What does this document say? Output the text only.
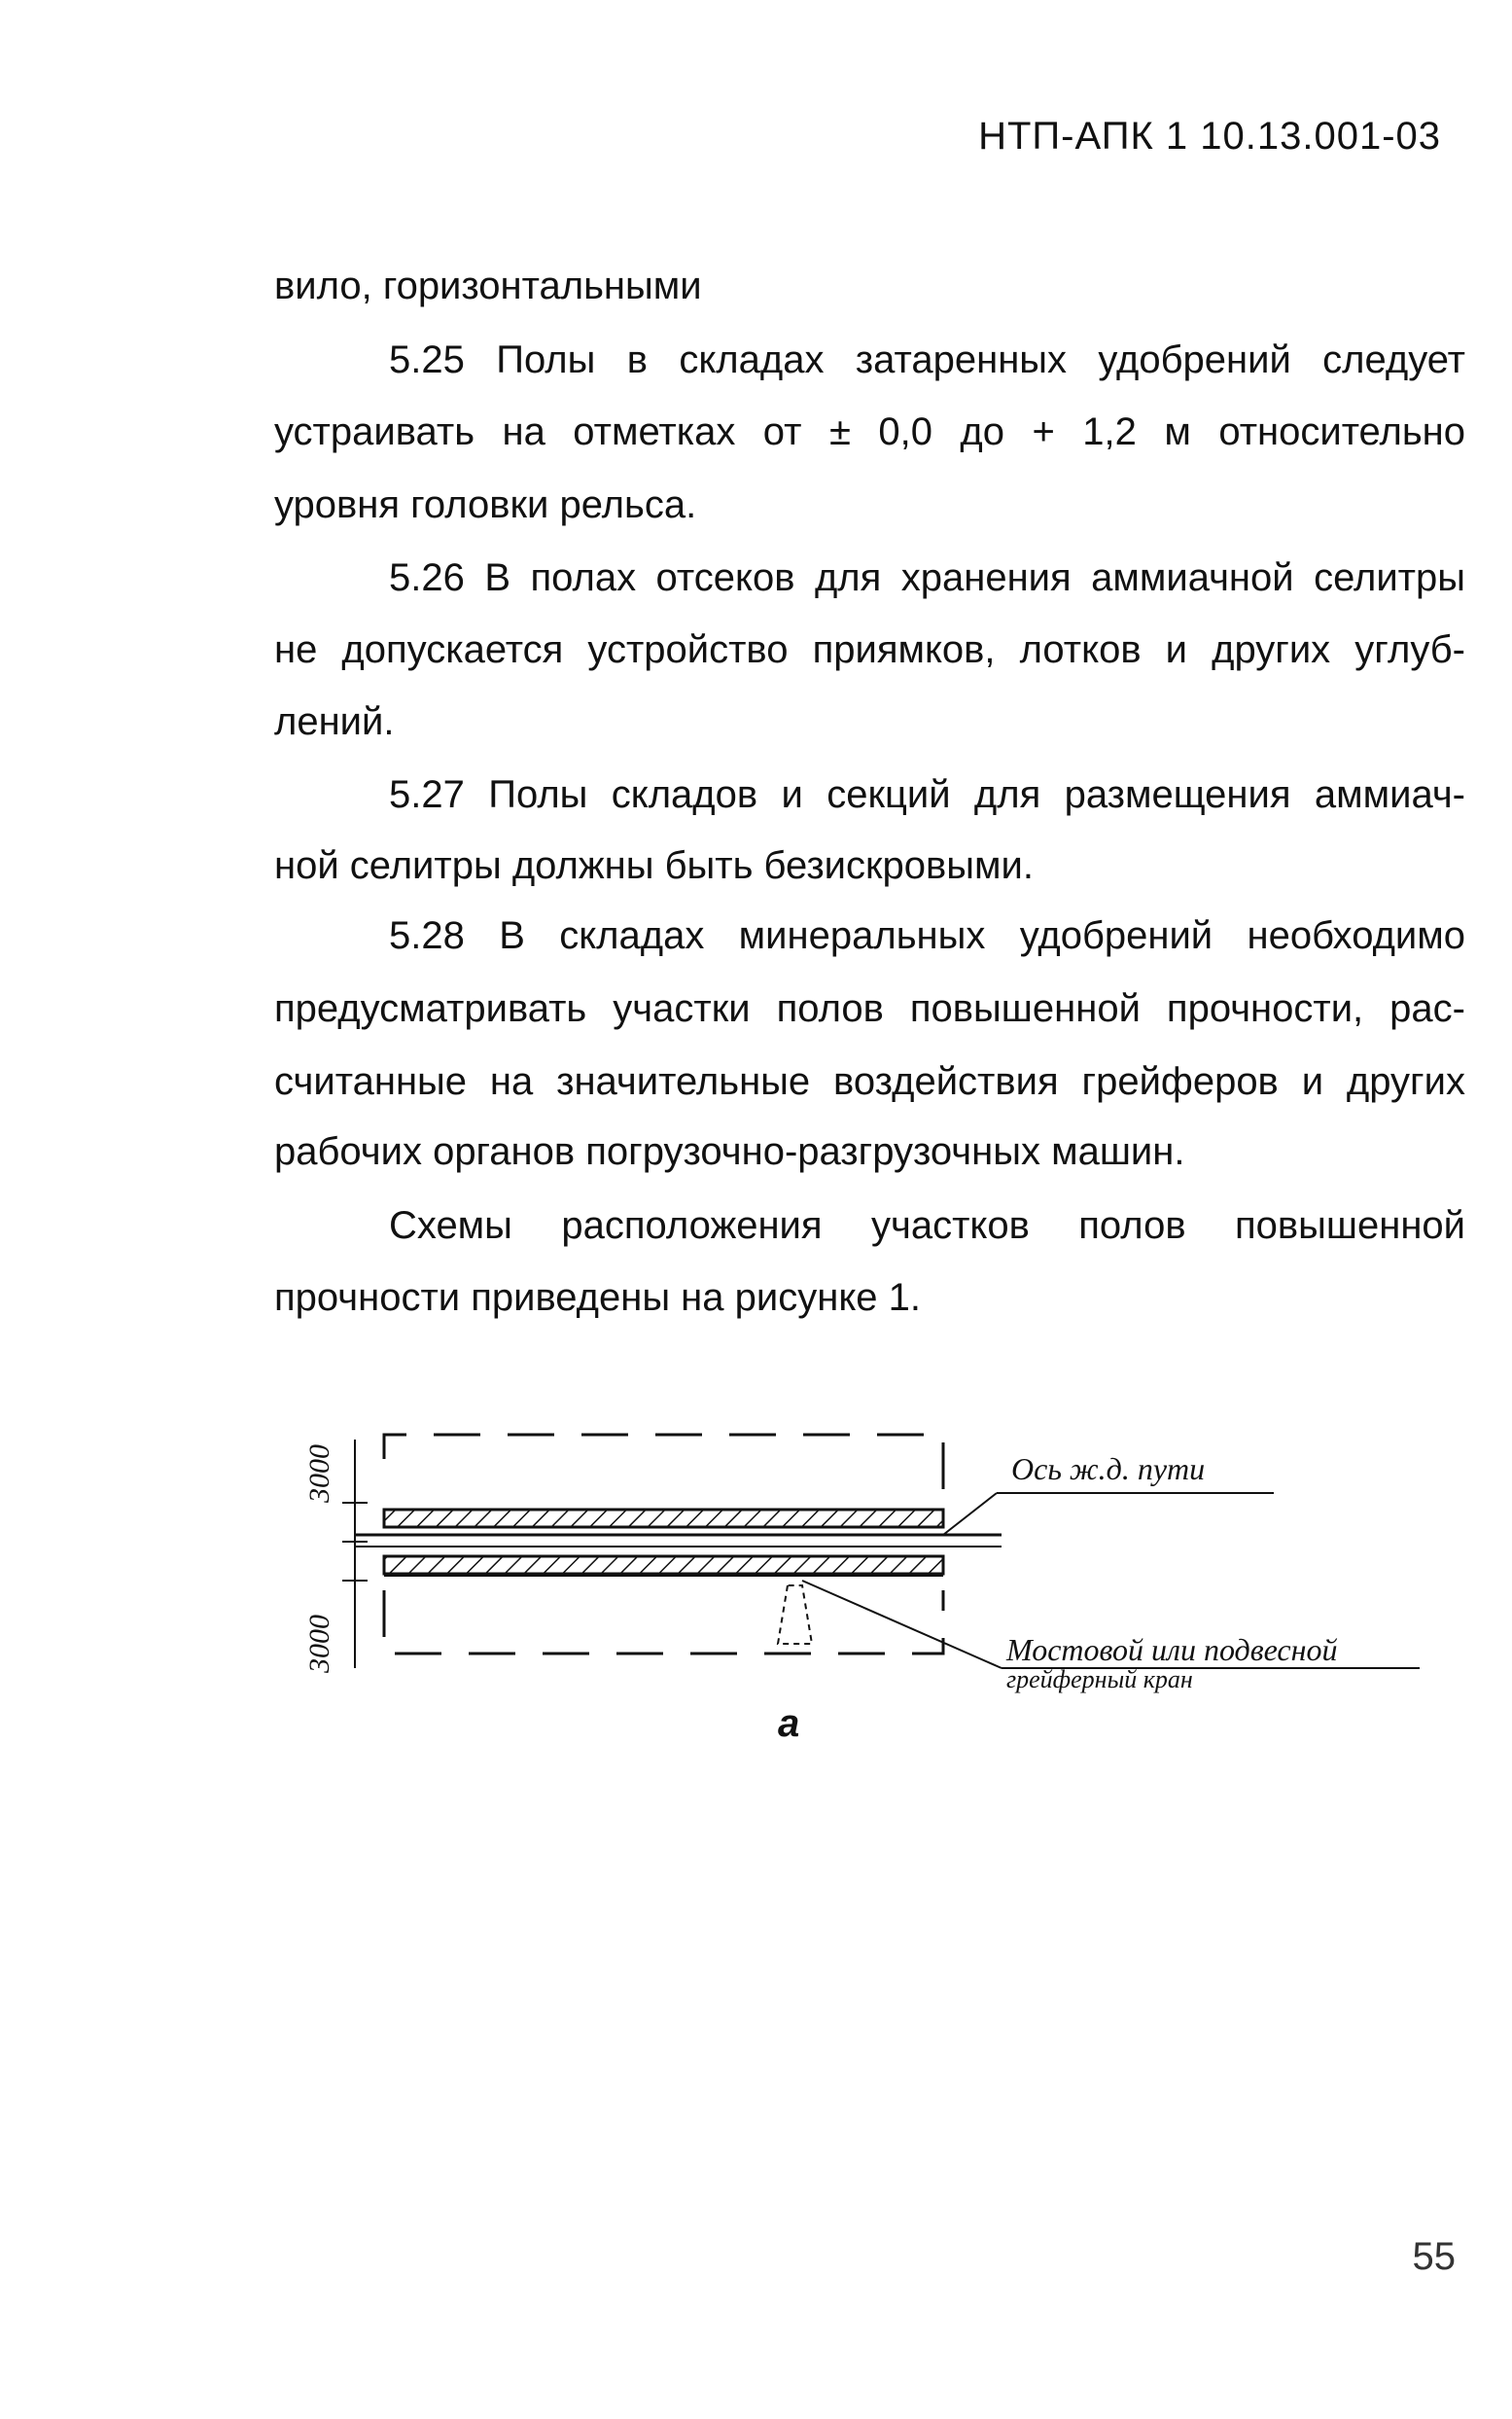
НТП-АПК 1 10.13.001-03
вило, горизонтальными
5.25 Полы в складах затаренных удобрений следует
устраивать на отметках от ± 0,0 до + 1,2 м относительно
уровня головки рельса.
5.26 В полах отсеков для хранения аммиачной селитры
не допускается устройство приямков, лотков и других углуб-
лений.
5.27 Полы складов и секций для размещения аммиач-
ной селитры должны быть безискровыми.
5.28 В складах минеральных удобрений необходимо
предусматривать участки полов повышенной прочности, рас-
считанные на значительные воздействия грейферов и других
рабочих органов погрузочно-разгрузочных машин.
Схемы расположения участков полов повышенной
прочности приведены на рисунке 1.
3000
3000
Ось ж.д. пути
Мостовой или подвесной
грейферный кран
а
55
